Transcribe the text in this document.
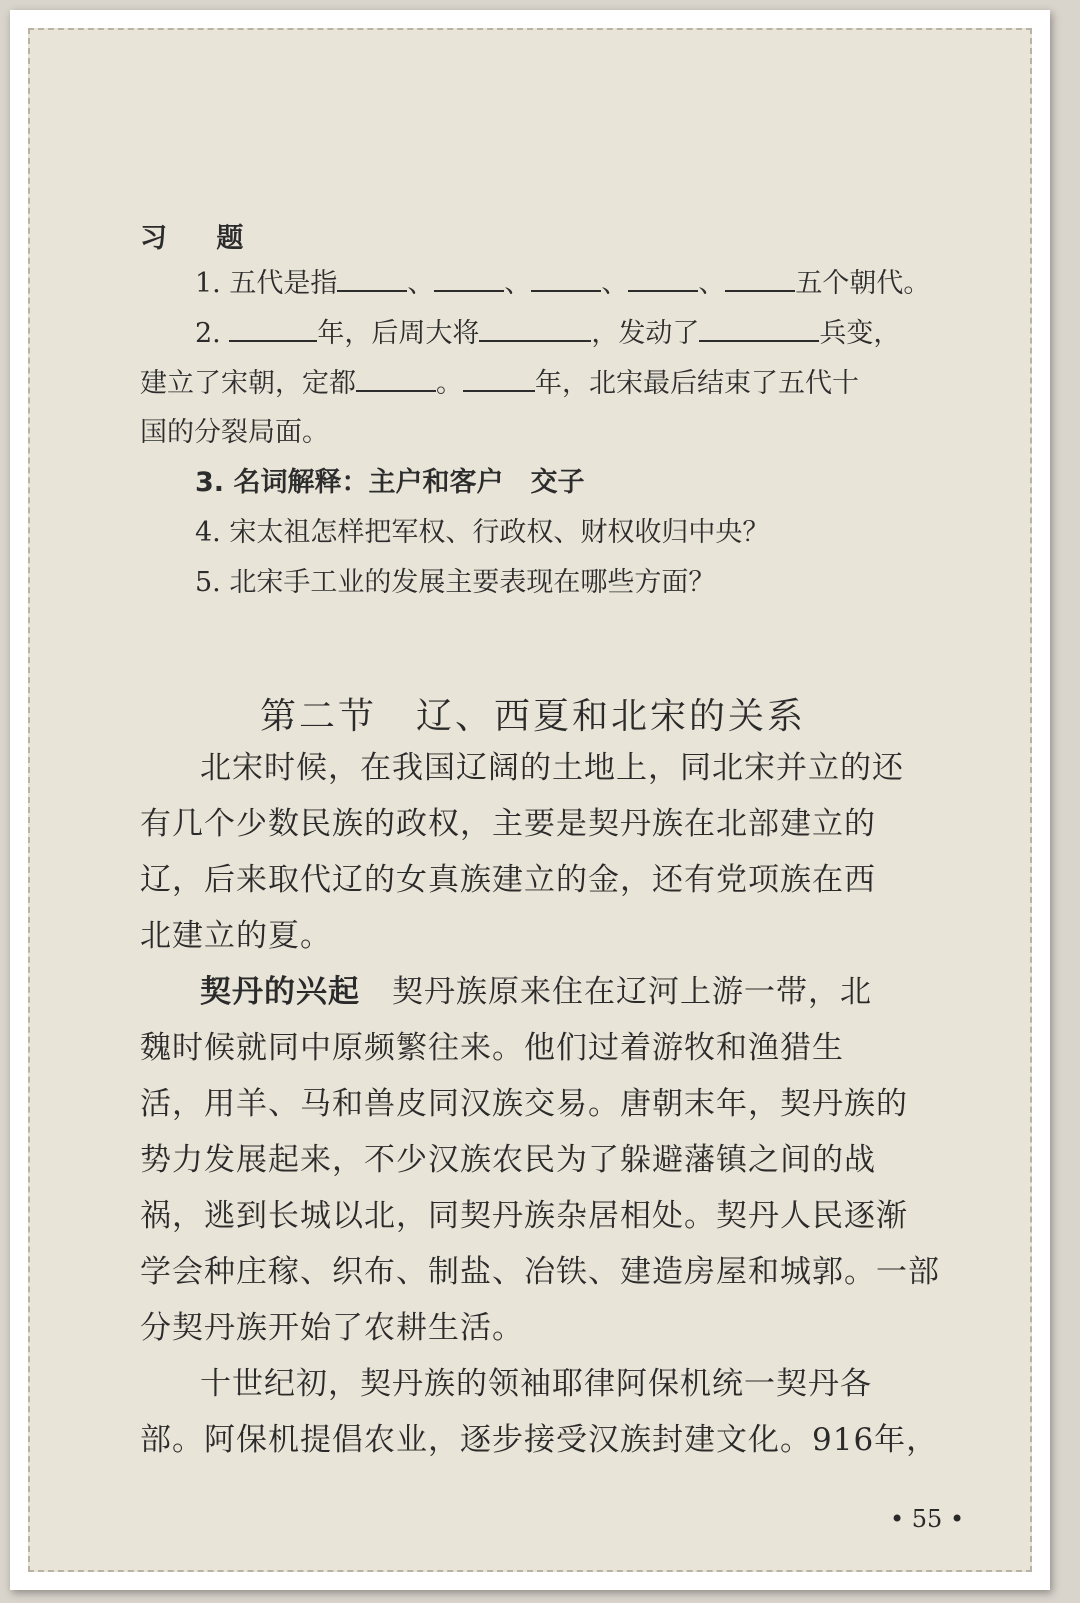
习 题
1. 五代是指	、	、	、	、	五个朝代。
2.	年，后周大将	，发动了	兵变，
建立了宋朝，定都	。	年，北宋最后结束了五代十
国的分裂局面。
3. 名词解释：主户和客户　交子
4. 宋太祖怎样把军权、行政权、财权收归中央？
5. 北宋手工业的发展主要表现在哪些方面？
第二节　辽、西夏和北宋的关系
北宋时候，在我国辽阔的土地上，同北宋并立的还
有几个少数民族的政权，主要是契丹族在北部建立的
辽，后来取代辽的女真族建立的金，还有党项族在西
北建立的夏。
契丹的兴起　 契丹族原来住在辽河上游一带，北
魏时候就同中原频繁往来。他们过着游牧和渔猎生
活，用羊、马和兽皮同汉族交易。唐朝末年，契丹族的
势力发展起来，不少汉族农民为了躲避藩镇之间的战
祸，逃到长城以北，同契丹族杂居相处。契丹人民逐渐
学会种庄稼、织布、制盐、冶铁、建造房屋和城郭。一部
分契丹族开始了农耕生活。
十世纪初，契丹族的领袖耶律阿保机统一契丹各
部。阿保机提倡农业，逐步接受汉族封建文化。916年，
• 55 •
